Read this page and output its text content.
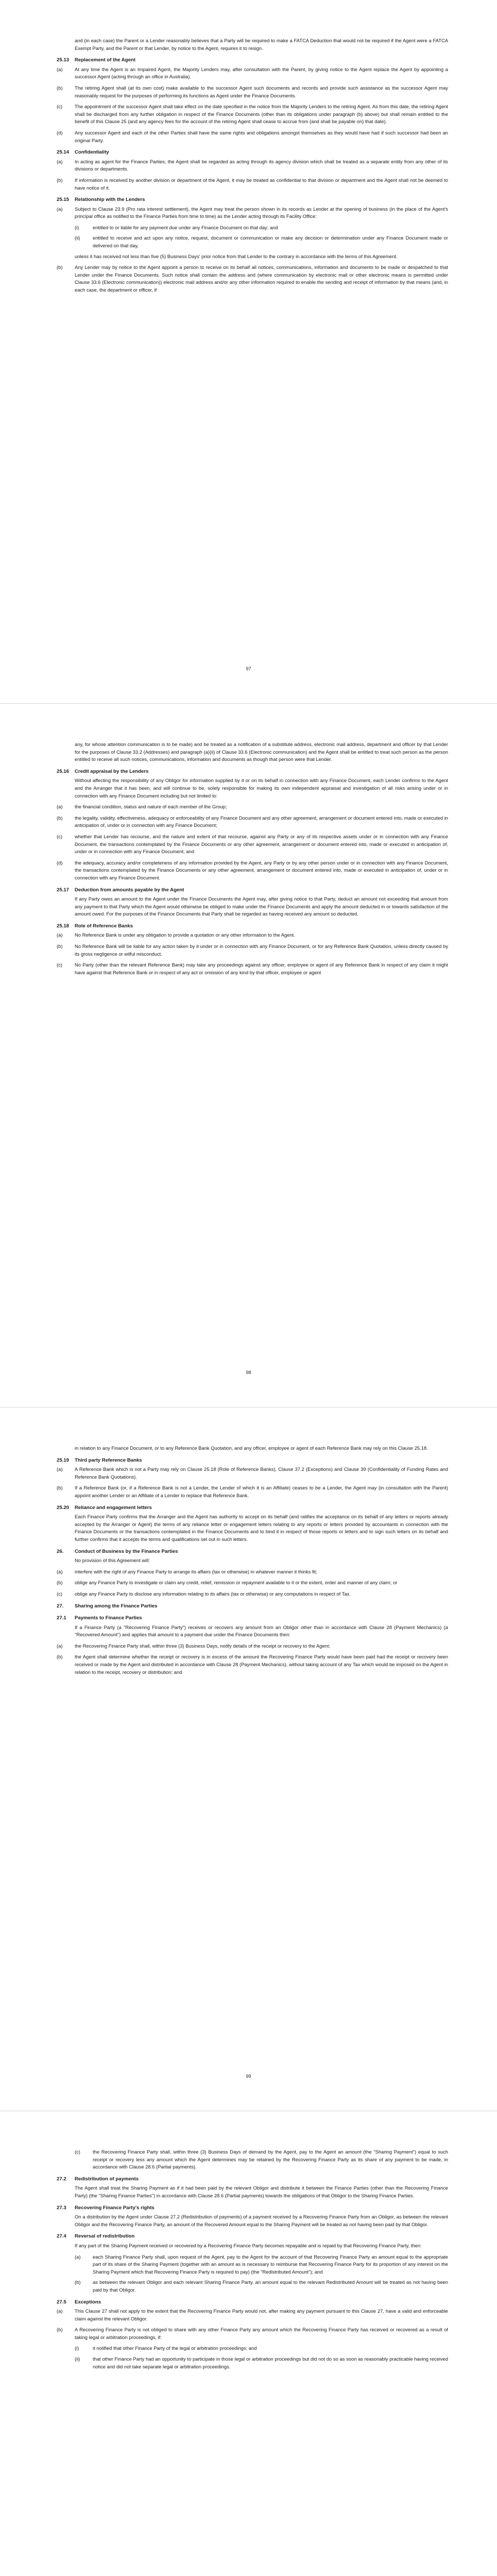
and (in each case) the Parent or a Lender reasonably believes that a Party will be required to make a FATCA Deduction that would not be required if the Agent were a FATCA Exempt Party, and the Parent or that Lender, by notice to the Agent, requires it to resign.

25.13	Replacement of the Agent
(a)	At any time the Agent is an Impaired Agent, the Majority Lenders may, after consultation with the Parent, by giving notice to the Agent replace the Agent by appointing a successor Agent (acting through an office in Australia).
(b)	The retiring Agent shall (at its own cost) make available to the successor Agent such documents and records and provide such assistance as the successor Agent may reasonably request for the purposes of performing its functions as Agent under the Finance Documents.
(c)	The appointment of the successor Agent shall take effect on the date specified in the notice from the Majority Lenders to the retiring Agent. As from this date, the retiring Agent shall be discharged from any further obligation in respect of the Finance Documents (other than its obligations under paragraph (b) above) but shall remain entitled to the benefit of this Clause 25 (and any agency fees for the account of the retiring Agent shall cease to accrue from (and shall be payable on) that date).
(d)	Any successor Agent and each of the other Parties shall have the same rights and obligations amongst themselves as they would have had if such successor had been an original Party.
25.14	Confidentiality
(a)	In acting as agent for the Finance Parties, the Agent shall be regarded as acting through its agency division which shall be treated as a separate entity from any other of its divisions or departments.
(b)	If information is received by another division or department of the Agent, it may be treated as confidential to that division or department and the Agent shall not be deemed to have notice of it.
25.15	Relationship with the Lenders
(a)	Subject to Clause 23.9 (Pro rata interest settlement), the Agent may treat the person shown in its records as Lender at the opening of business (in the place of the Agent's principal office as notified to the Finance Parties from time to time) as the Lender acting through its Facility Office:
(i)	entitled to or liable for any payment due under any Finance Document on that day; and
(ii)	entitled to receive and act upon any notice, request, document or communication or make any decision or determination under any Finance Document made or delivered on that day,

unless it has received not less than five (5) Business Days' prior notice from that Lender to the contrary in accordance with the terms of this Agreement.

(b)	Any Lender may by notice to the Agent appoint a person to receive on its behalf all notices, communications, information and documents to be made or despatched to that Lender under the Finance Documents. Such notice shall contain the address and (where communication by electronic mail or other electronic means is permitted under Clause 33.6 (Electronic communication)) electronic mail address and/or any other information required to enable the sending and receipt of information by that means (and, in each case, the department or officer, if
97

any, for whose attention communication is to be made) and be treated as a notification of a substitute address, electronic mail address, department and officer by that Lender for the purposes of Clause 33.2 (Addresses) and paragraph (a)(ii) of Clause 33.6 (Electronic communication) and the Agent shall be entitled to treat such person as the person entitled to receive all such notices, communications, information and documents as though that person were that Lender.

25.16	Credit appraisal by the Lenders

Without affecting the responsibility of any Obligor for information supplied by it or on its behalf in connection with any Finance Document, each Lender confirms to the Agent and the Arranger that it has been, and will continue to be, solely responsible for making its own independent appraisal and investigation of all risks arising under or in connection with any Finance Document including but not limited to:

(a)	the financial condition, status and nature of each member of the Group;
(b)	the legality, validity, effectiveness, adequacy or enforceability of any Finance Document and any other agreement, arrangement or document entered into, made or executed in anticipation of, under or in connection with any Finance Document;
(c)	whether that Lender has recourse, and the nature and extent of that recourse, against any Party or any of its respective assets under or in connection with any Finance Document, the transactions contemplated by the Finance Documents or any other agreement, arrangement or document entered into, made or executed in anticipation of, under or in connection with any Finance Document; and
(d)	the adequacy, accuracy and/or completeness of any information provided by the Agent, any Party or by any other person under or in connection with any Finance Document, the transactions contemplated by the Finance Documents or any other agreement, arrangement or document entered into, made or executed in anticipation of, under or in connection with any Finance Document.
25.17	Deduction from amounts payable by the Agent

If any Party owes an amount to the Agent under the Finance Documents the Agent may, after giving notice to that Party, deduct an amount not exceeding that amount from any payment to that Party which the Agent would otherwise be obliged to make under the Finance Documents and apply the amount deducted in or towards satisfaction of the amount owed. For the purposes of the Finance Documents that Party shall be regarded as having received any amount so deducted.

25.18	Role of Reference Banks
(a)	No Reference Bank is under any obligation to provide a quotation or any other information to the Agent.
(b)	No Reference Bank will be liable for any action taken by it under or in connection with any Finance Document, or for any Reference Bank Quotation, unless directly caused by its gross negligence or wilful misconduct.
(c)	No Party (other than the relevant Reference Bank) may take any proceedings against any officer, employee or agent of any Reference Bank in respect of any claim it might have against that Reference Bank or in respect of any act or omission of any kind by that officer, employee or agent
98

in relation to any Finance Document, or to any Reference Bank Quotation, and any officer, employee or agent of each Reference Bank may rely on this Clause 25.18.

25.19	Third party Reference Banks
(a)	A Reference Bank which is not a Party may rely on Clause 25.18 (Role of Reference Banks), Clause 37.2 (Exceptions) and Clause 39 (Confidentiality of Funding Rates and Reference Bank Quotations).
(b)	If a Reference Bank (or, if a Reference Bank is not a Lender, the Lender of which it is an Affiliate) ceases to be a Lender, the Agent may (in consultation with the Parent) appoint another Lender or an Affiliate of a Lender to replace that Reference Bank.
25.20	Reliance and engagement letters

Each Finance Party confirms that the Arranger and the Agent has authority to accept on its behalf (and ratifies the acceptance on its behalf of any letters or reports already accepted by the Arranger or Agent) the terms of any reliance letter or engagement letters relating to any reports or letters provided by accountants in connection with the Finance Documents or the transactions contemplated in the Finance Documents and to bind it in respect of those reports or letters and to sign such letters on its behalf and further confirms that it accepts the terms and qualifications set out in such letters.

26.	Conduct of Business by the Finance Parties

No provision of this Agreement will:

(a)	interfere with the right of any Finance Party to arrange its affairs (tax or otherwise) in whatever manner it thinks fit;
(b)	oblige any Finance Party to investigate or claim any credit, relief, remission or repayment available to it or the extent, order and manner of any claim; or
(c)	oblige any Finance Party to disclose any information relating to its affairs (tax or otherwise) or any computations in respect of Tax.
27.	Sharing among the Finance Parties
27.1	Payments to Finance Parties

If a Finance Party (a "Recovering Finance Party") receives or recovers any amount from an Obligor other than in accordance with Clause 28 (Payment Mechanics) (a "Recovered Amount") and applies that amount to a payment due under the Finance Documents then:

(a)	the Recovering Finance Party shall, within three (3) Business Days, notify details of the receipt or recovery to the Agent;
(b)	the Agent shall determine whether the receipt or recovery is in excess of the amount the Recovering Finance Party would have been paid had the receipt or recovery been received or made by the Agent and distributed in accordance with Clause 28 (Payment Mechanics), without taking account of any Tax which would be imposed on the Agent in relation to the receipt, recovery or distribution; and
99
(c)	the Recovering Finance Party shall, within three (3) Business Days of demand by the Agent, pay to the Agent an amount (the "Sharing Payment") equal to such receipt or recovery less any amount which the Agent determines may be retained by the Recovering Finance Party as its share of any payment to be made, in accordance with Clause 28.6 (Partial payments).
27.2	Redistribution of payments

The Agent shall treat the Sharing Payment as if it had been paid by the relevant Obligor and distribute it between the Finance Parties (other than the Recovering Finance Party) (the "Sharing Finance Parties") in accordance with Clause 28.6 (Partial payments) towards the obligations of that Obligor to the Sharing Finance Parties.

27.3	Recovering Finance Party's rights

On a distribution by the Agent under Clause 27.2 (Redistribution of payments) of a payment received by a Recovering Finance Party from an Obligor, as between the relevant Obligor and the Recovering Finance Party, an amount of the Recovered Amount equal to the Sharing Payment will be treated as not having been paid by that Obligor.

27.4	Reversal of redistribution

If any part of the Sharing Payment received or recovered by a Recovering Finance Party becomes repayable and is repaid by that Recovering Finance Party, then:

(a)	each Sharing Finance Party shall, upon request of the Agent, pay to the Agent for the account of that Recovering Finance Party an amount equal to the appropriate part of its share of the Sharing Payment (together with an amount as is necessary to reimburse that Recovering Finance Party for its proportion of any interest on the Sharing Payment which that Recovering Finance Party is required to pay) (the "Redistributed Amount"); and
(b)	as between the relevant Obligor and each relevant Sharing Finance Party, an amount equal to the relevant Redistributed Amount will be treated as not having been paid by that Obligor.
27.5	Exceptions
(a)	This Clause 27 shall not apply to the extent that the Recovering Finance Party would not, after making any payment pursuant to this Clause 27, have a valid and enforceable claim against the relevant Obligor.
(b)	A Recovering Finance Party is not obliged to share with any other Finance Party any amount which the Recovering Finance Party has received or recovered as a result of taking legal or arbitration proceedings, if:
(i)	it notified that other Finance Party of the legal or arbitration proceedings; and
(ii)	that other Finance Party had an opportunity to participate in those legal or arbitration proceedings but did not do so as soon as reasonably practicable having received notice and did not take separate legal or arbitration proceedings.
